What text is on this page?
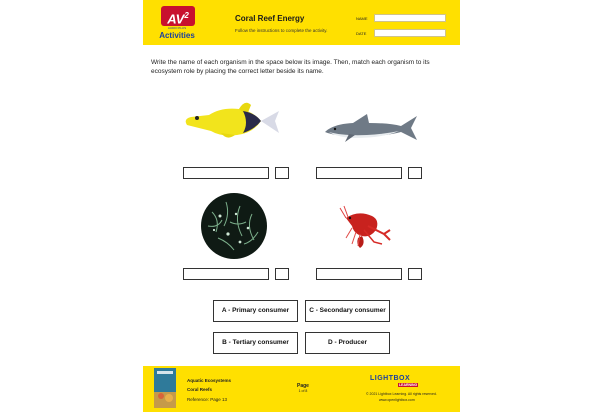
$AV^2$
AUDIO PLUS
Activities
Coral Reef Energy
Follow the instructions to complete the activity.
NAME
DATE
Write the name of each organism in the space below its image. Then, match each organism to its ecosystem role by placing the correct letter beside its name.
A - Primary consumer	C - Secondary consumer
B - Tertiary consumer	D - Producer
Aquatic Ecosystems
Coral Reefs
Reference: Page 13
Page
1 of 8
LIGHTBOX
LEARNING
© 2021 Lightbox Learning. All rights reserved.
www.openlightbox.com
